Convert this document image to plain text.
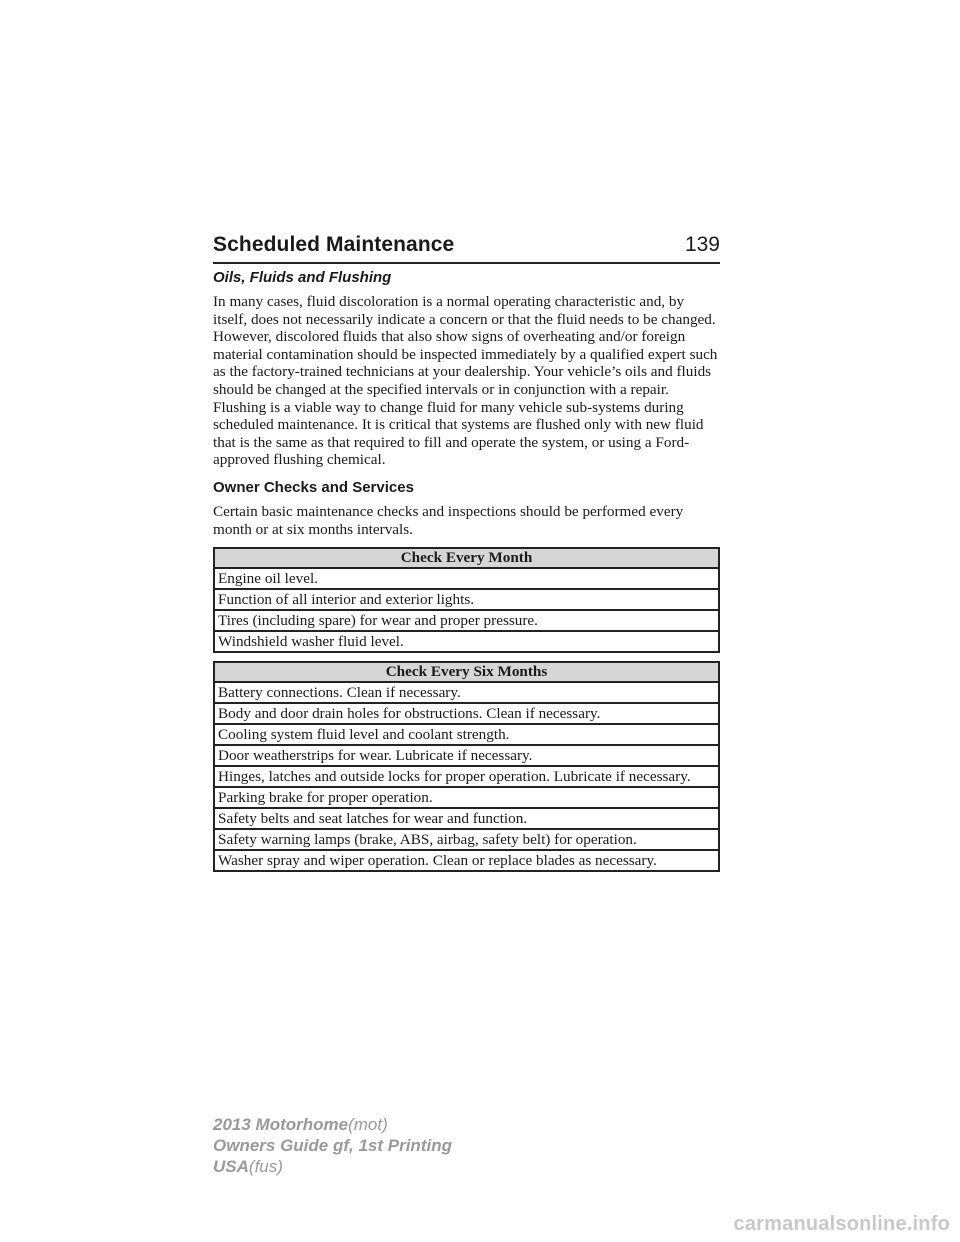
Scheduled Maintenance	139
Oils, Fluids and Flushing

In many cases, fluid discoloration is a normal operating characteristic and, by itself, does not necessarily indicate a concern or that the fluid needs to be changed. However, discolored fluids that also show signs of overheating and/or foreign material contamination should be inspected immediately by a qualified expert such as the factory-trained technicians at your dealership. Your vehicle’s oils and fluids should be changed at the specified intervals or in conjunction with a repair. Flushing is a viable way to change fluid for many vehicle sub-systems during scheduled maintenance. It is critical that systems are flushed only with new fluid that is the same as that required to fill and operate the system, or using a Ford-approved flushing chemical.

Owner Checks and Services

Certain basic maintenance checks and inspections should be performed every month or at six months intervals.

Check Every Month
Engine oil level.
Function of all interior and exterior lights.
Tires (including spare) for wear and proper pressure.
Windshield washer fluid level.
Check Every Six Months
Battery connections. Clean if necessary.
Body and door drain holes for obstructions. Clean if necessary.
Cooling system fluid level and coolant strength.
Door weatherstrips for wear. Lubricate if necessary.
Hinges, latches and outside locks for proper operation. Lubricate if necessary.
Parking brake for proper operation.
Safety belts and seat latches for wear and function.
Safety warning lamps (brake, ABS, airbag, safety belt) for operation.
Washer spray and wiper operation. Clean or replace blades as necessary.
2013 Motorhome(mot)
Owners Guide gf, 1st Printing
USA(fus)
carmanualsonline.info
